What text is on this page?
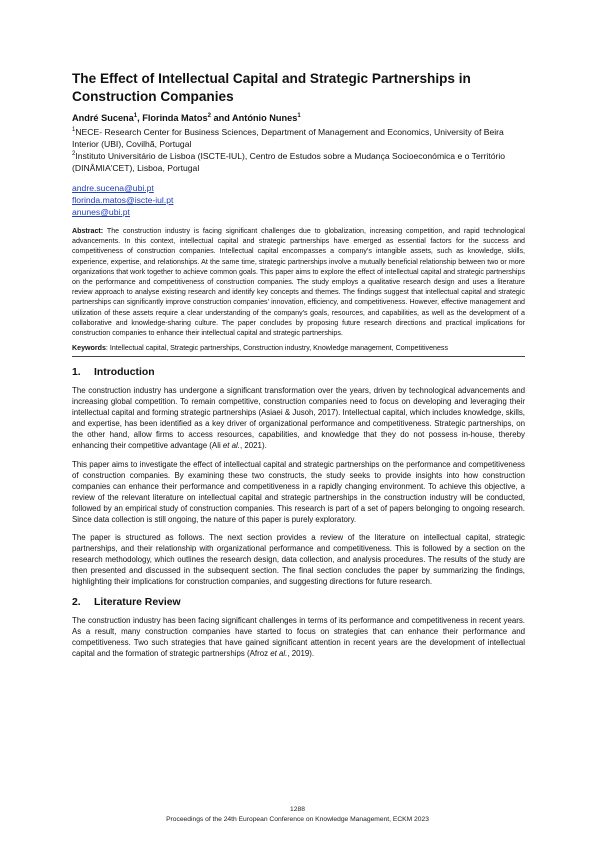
The Effect of Intellectual Capital and Strategic Partnerships in Construction Companies
André Sucena$^1$, Florinda Matos$^2$ and António Nunes$^1$
$^1$NECE- Research Center for Business Sciences, Department of Management and Economics, University of Beira Interior (UBI), Covilhã, Portugal
$^2$Instituto Universitário de Lisboa (ISCTE-IUL), Centro de Estudos sobre a Mudança Socioeconómica e o Território (DINÂMIA'CET), Lisboa, Portugal
andre.sucena@ubi.pt
florinda.matos@iscte-iul.pt
anunes@ubi.pt
Abstract: The construction industry is facing significant challenges due to globalization, increasing competition, and rapid technological advancements. In this context, intellectual capital and strategic partnerships have emerged as essential factors for the success and competitiveness of construction companies. Intellectual capital encompasses a company's intangible assets, such as knowledge, skills, experience, expertise, and relationships. At the same time, strategic partnerships involve a mutually beneficial relationship between two or more organizations that work together to achieve common goals. This paper aims to explore the effect of intellectual capital and strategic partnerships on the performance and competitiveness of construction companies. The study employs a qualitative research design and uses a literature review approach to analyse existing research and identify key concepts and themes. The findings suggest that intellectual capital and strategic partnerships can significantly improve construction companies' innovation, efficiency, and competitiveness. However, effective management and utilization of these assets require a clear understanding of the company's goals, resources, and capabilities, as well as the development of a collaborative and knowledge-sharing culture. The paper concludes by proposing future research directions and practical implications for construction companies to enhance their intellectual capital and strategic partnerships.
Keywords: Intellectual capital, Strategic partnerships, Construction industry, Knowledge management, Competitiveness
1.	Introduction

The construction industry has undergone a significant transformation over the years, driven by technological advancements and increasing global competition. To remain competitive, construction companies need to focus on developing and leveraging their intellectual capital and forming strategic partnerships (Asiaei & Jusoh, 2017). Intellectual capital, which includes knowledge, skills, and expertise, has been identified as a key driver of organizational performance and competitiveness. Strategic partnerships, on the other hand, allow firms to access resources, capabilities, and knowledge that they do not possess in-house, thereby enhancing their competitive advantage (Ali et al., 2021).

This paper aims to investigate the effect of intellectual capital and strategic partnerships on the performance and competitiveness of construction companies. By examining these two constructs, the study seeks to provide insights into how construction companies can enhance their performance and competitiveness in a rapidly changing environment. To achieve this objective, a review of the relevant literature on intellectual capital and strategic partnerships in the construction industry will be conducted, followed by an empirical study of construction companies. This research is part of a set of papers belonging to ongoing research. Since data collection is still ongoing, the nature of this paper is purely exploratory.

The paper is structured as follows. The next section provides a review of the literature on intellectual capital, strategic partnerships, and their relationship with organizational performance and competitiveness. This is followed by a section on the research methodology, which outlines the research design, data collection, and analysis procedures. The results of the study are then presented and discussed in the subsequent section. The final section concludes the paper by summarizing the findings, highlighting their implications for construction companies, and suggesting directions for future research.

2.	Literature Review

The construction industry has been facing significant challenges in terms of its performance and competitiveness in recent years. As a result, many construction companies have started to focus on strategies that can enhance their performance and competitiveness. Two such strategies that have gained significant attention in recent years are the development of intellectual capital and the formation of strategic partnerships (Afroz et al., 2019).

1288
Proceedings of the 24th European Conference on Knowledge Management, ECKM 2023
